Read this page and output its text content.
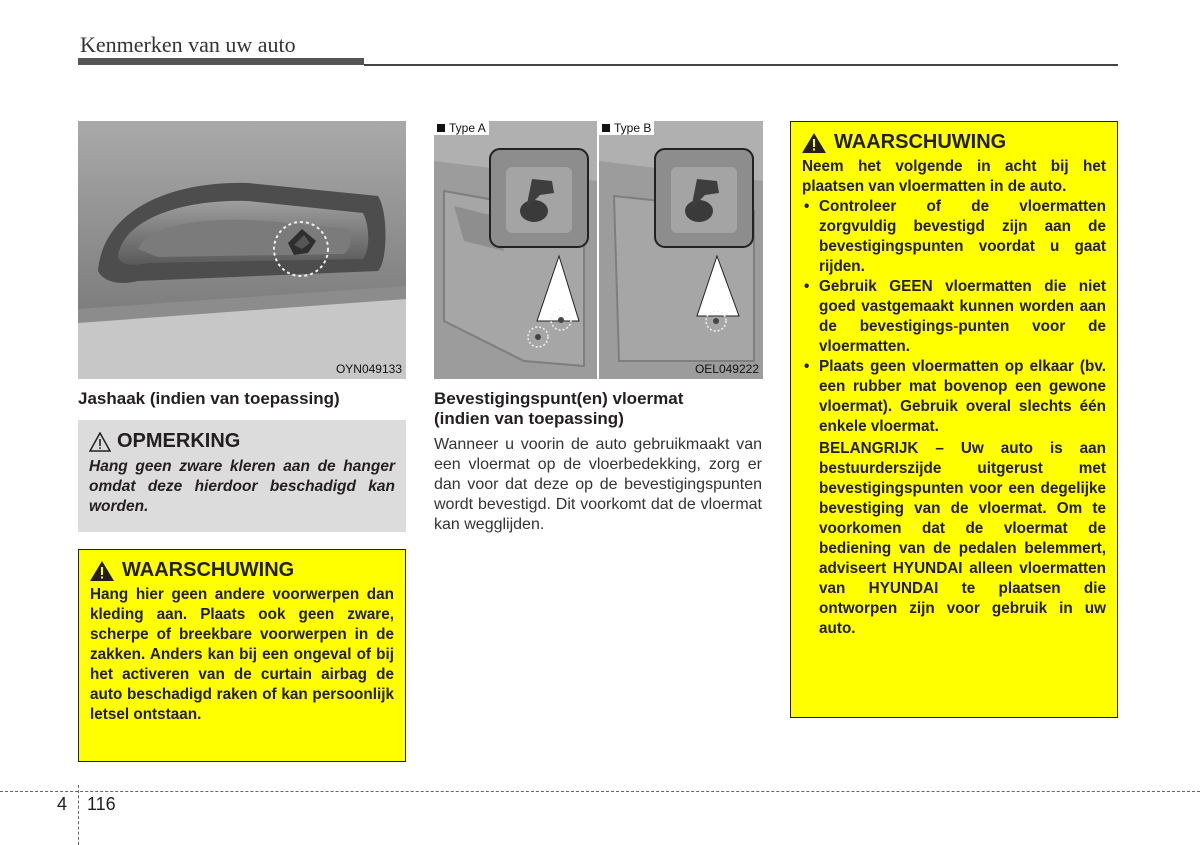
Kenmerken van uw auto
OYN049133
Type A	Type B
OEL049222
Jashaak (indien van toepassing)	Bevestigingspunt(en) vloermat
(indien van toepassing)
OPMERKING
Hang geen zware kleren aan de hanger omdat deze hierdoor beschadigd kan worden.
WAARSCHUWING
Hang hier geen andere voorwerpen dan kleding aan. Plaats ook geen zware, scherpe of breekbare voorwerpen in de zakken. Anders kan bij een ongeval of bij het activeren van de curtain airbag de auto beschadigd raken of kan persoonlijk letsel ontstaan.
Wanneer u voorin de auto gebruikmaakt van een vloermat op de vloerbedekking, zorg er dan voor dat deze op de bevestigingspunten wordt bevestigd. Dit voorkomt dat de vloermat kan wegglijden.
WAARSCHUWING
Neem het volgende in acht bij het plaatsen van vloermatten in de auto.
• Controleer of de vloermatten zorgvuldig bevestigd zijn aan de bevestigingspunten voordat u gaat rijden.
• Gebruik GEEN vloermatten die niet goed vastgemaakt kunnen worden aan de bevestigings-punten voor de vloermatten.
• Plaats geen vloermatten op elkaar (bv. een rubber mat bovenop een gewone vloermat). Gebruik overal slechts één enkele vloermat.
BELANGRIJK – Uw auto is aan bestuurderszijde uitgerust met bevestigingspunten voor een degelijke bevestiging van de vloermat. Om te voorkomen dat de vloermat de bediening van de pedalen belemmert, adviseert HYUNDAI alleen vloermatten van HYUNDAI te plaatsen die ontworpen zijn voor gebruik in uw auto.
4 116
